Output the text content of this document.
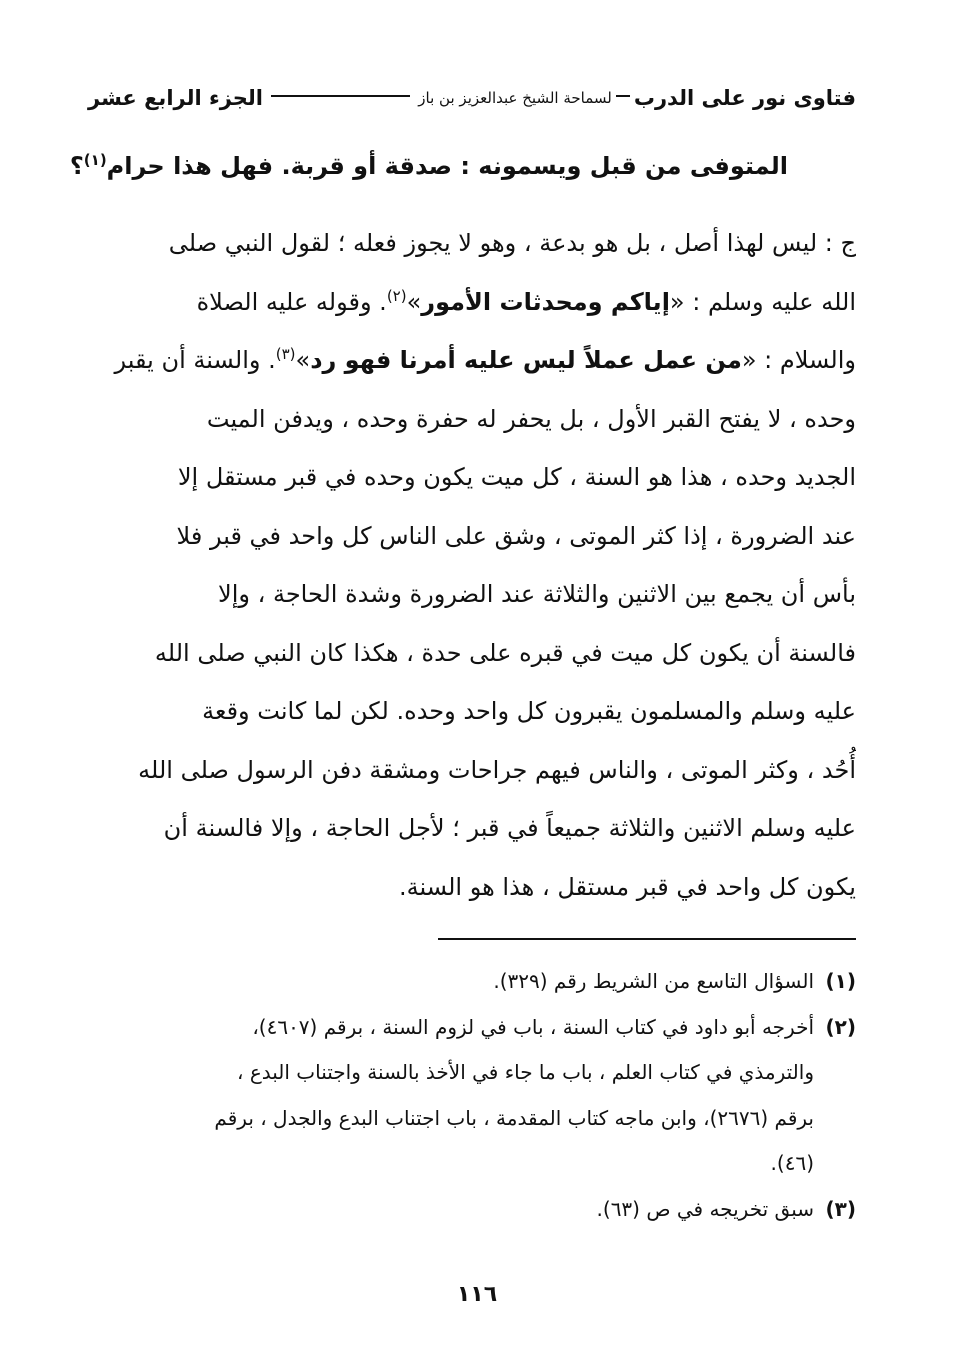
فتاوى نور على الدرب
لسماحة الشيخ عبدالعزيز بن باز
الجزء الرابع عشر
المتوفى من قبل ويسمونه : صدقة أو قربة. فهل هذا حرام$^{(١)}$؟
ج : ليس لهذا أصل ، بل هو بدعة ، وهو لا يجوز فعله ؛ لقول النبي صلى
الله عليه وسلم : «إياكم ومحدثات الأمور»$^{(٢)}$. وقوله عليه الصلاة
والسلام : «من عمل عملاً ليس عليه أمرنا فهو رد»$^{(٣)}$. والسنة أن يقبر
وحده ، لا يفتح القبر الأول ، بل يحفر له حفرة وحده ، ويدفن الميت
الجديد وحده ، هذا هو السنة ، كل ميت يكون وحده في قبر مستقل إلا
عند الضرورة ، إذا كثر الموتى ، وشق على الناس كل واحد في قبر فلا
بأس أن يجمع بين الاثنين والثلاثة عند الضرورة وشدة الحاجة ، وإلا
فالسنة أن يكون كل ميت في قبره على حدة ، هكذا كان النبي صلى الله
عليه وسلم والمسلمون يقبرون كل واحد وحده. لكن لما كانت وقعة
أُحُد ، وكثر الموتى ، والناس فيهم جراحات ومشقة دفن الرسول صلى الله
عليه وسلم الاثنين والثلاثة جميعاً في قبر ؛ لأجل الحاجة ، وإلا فالسنة أن
يكون كل واحد في قبر مستقل ، هذا هو السنة.
(١)السؤال التاسع من الشريط رقم (٣٢٩).
(٢)أخرجه أبو داود في كتاب السنة ، باب في لزوم السنة ، برقم (٤٦٠٧)،
والترمذي في كتاب العلم ، باب ما جاء في الأخذ بالسنة واجتناب البدع ،
برقم (٢٦٧٦)، وابن ماجه كتاب المقدمة ، باب اجتناب البدع والجدل ، برقم
(٤٦).
(٣)سبق تخريجه في ص (٦٣).
١١٦
